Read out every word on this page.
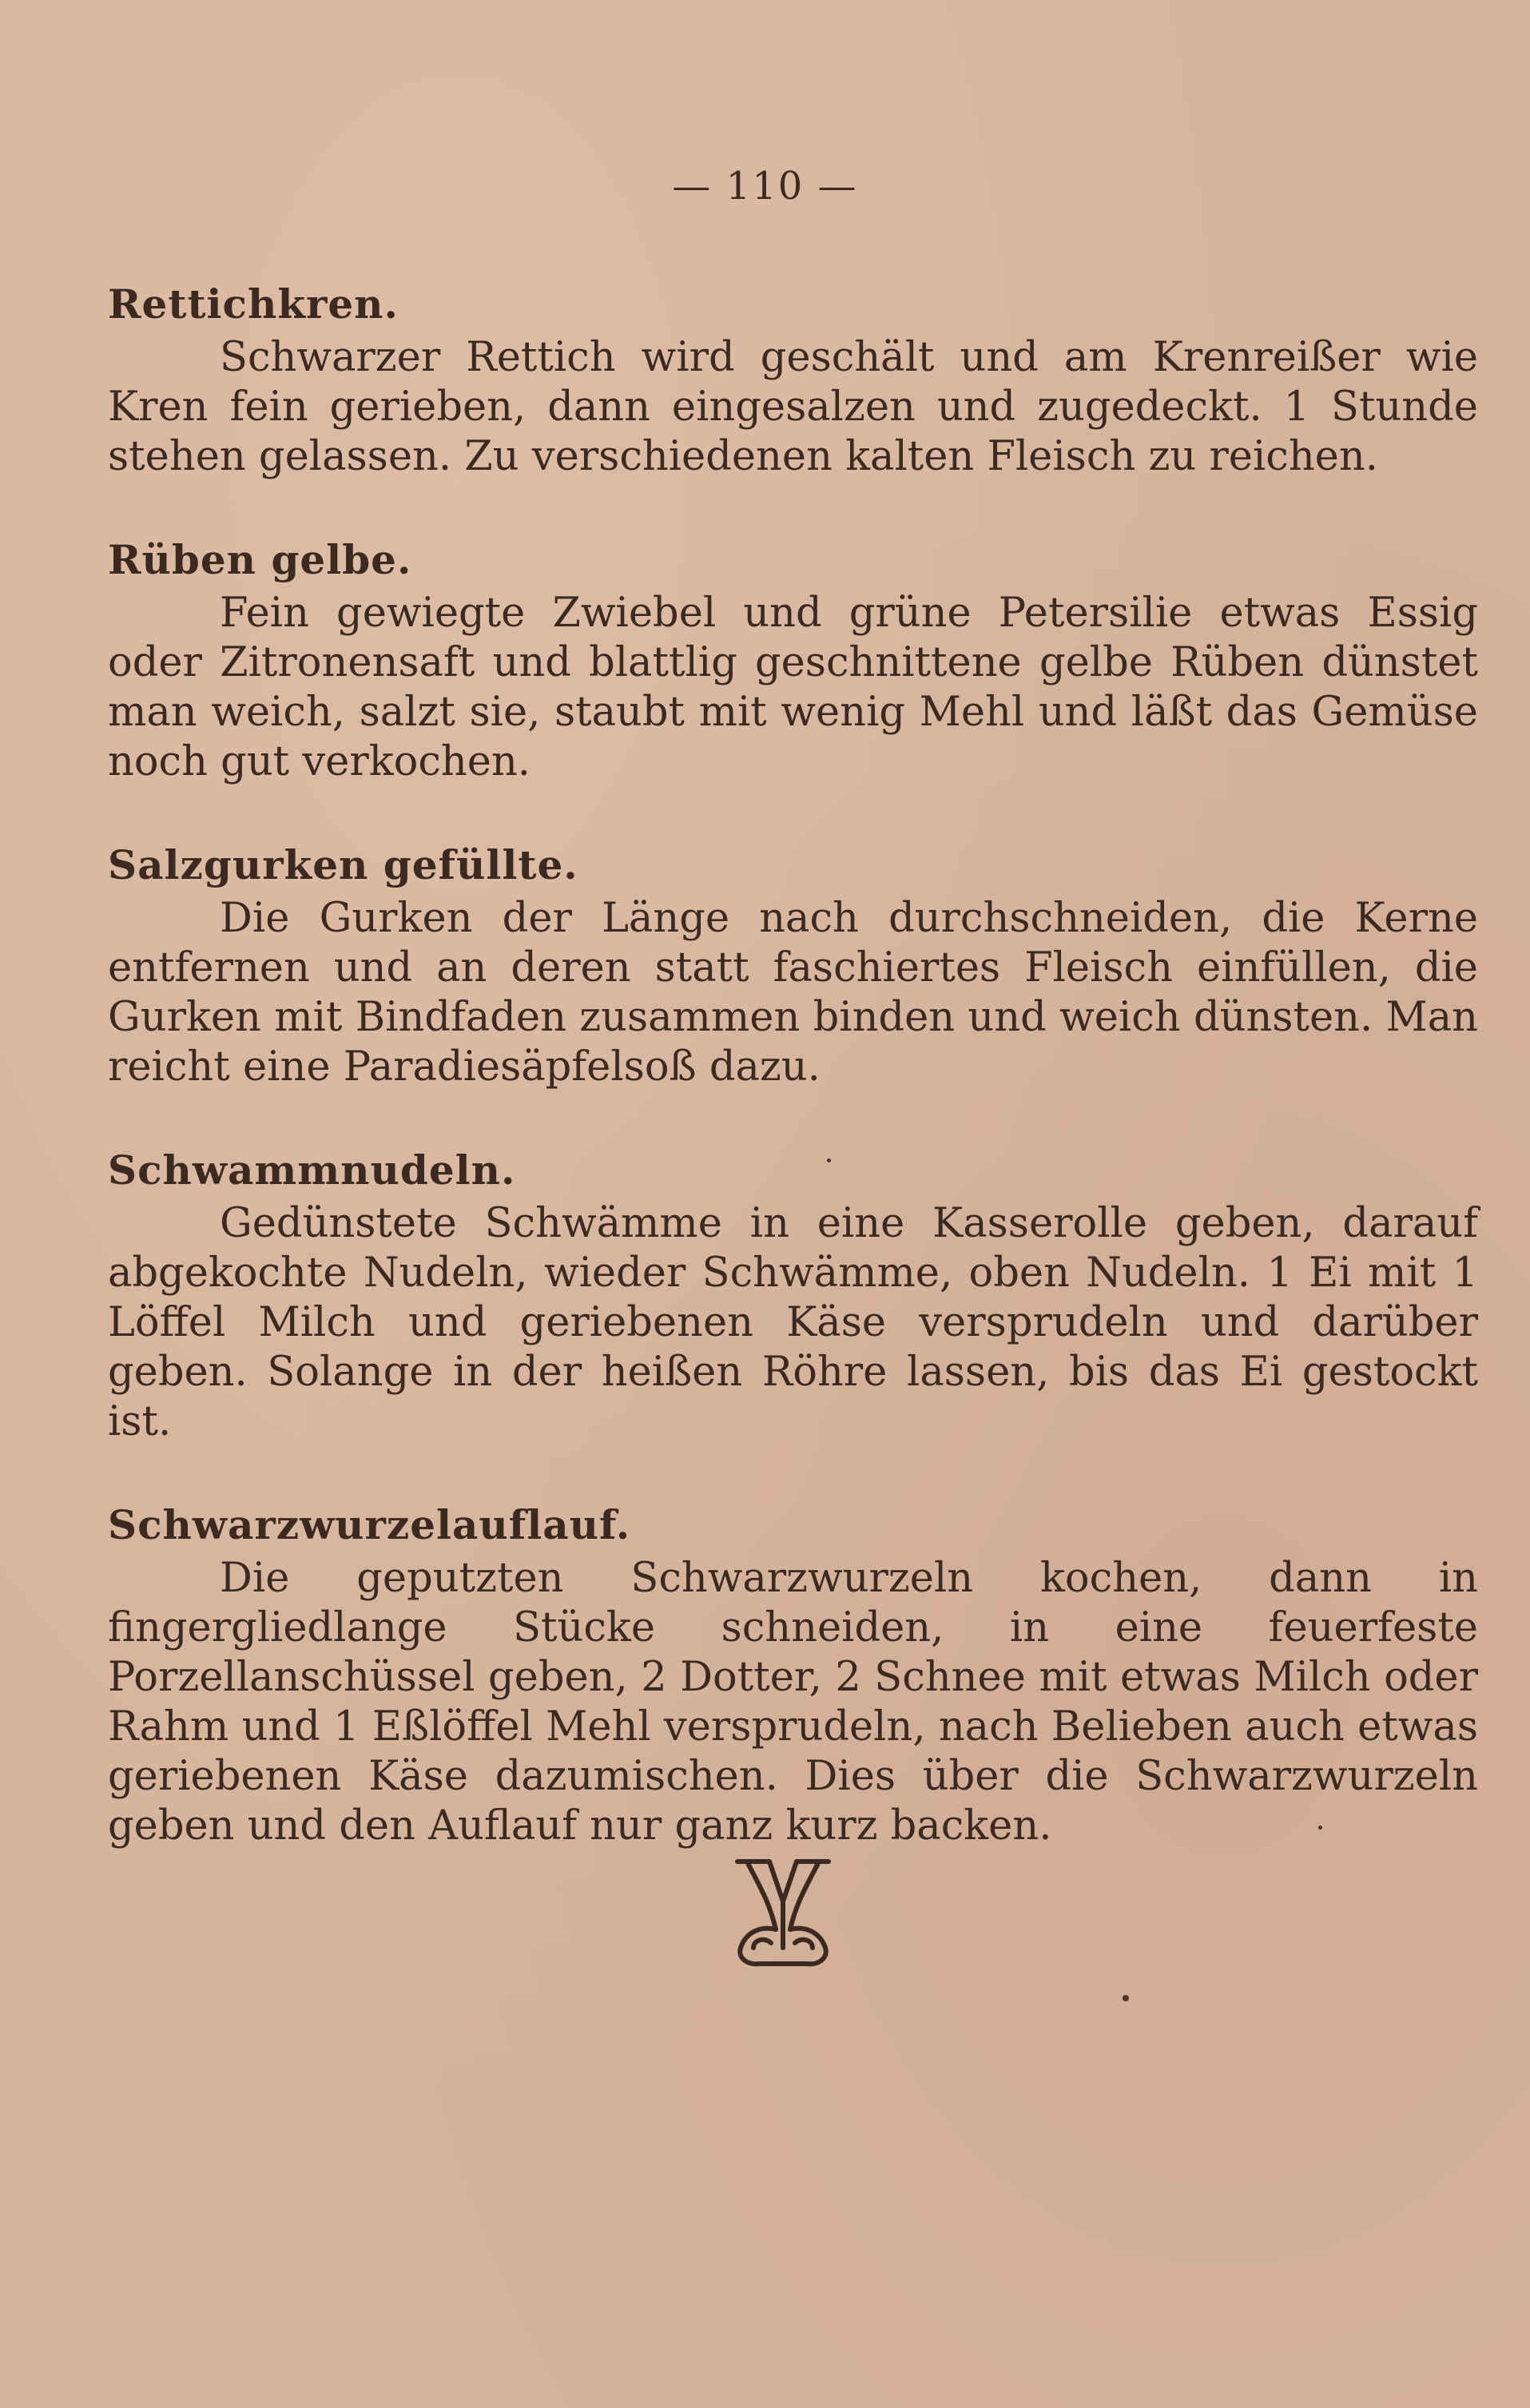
— 110 —

Rettichkren.

Schwarzer Rettich wird geschält und am Krenreißer wie Kren fein gerieben, dann eingesalzen und zugedeckt. 1 Stunde stehen gelassen. Zu verschiedenen kalten Fleisch zu reichen.

Rüben gelbe.

Fein gewiegte Zwiebel und grüne Petersilie etwas Essig oder Zitronensaft und blattlig geschnittene gelbe Rüben dünstet man weich, salzt sie, staubt mit wenig Mehl und läßt das Gemüse noch gut verkochen.

Salzgurken gefüllte.

Die Gurken der Länge nach durchschneiden, die Kerne entfernen und an deren statt faschiertes Fleisch einfüllen, die Gurken mit Bindfaden zusammen binden und weich dünsten. Man reicht eine Paradiesäpfelsoß dazu.

Schwammnudeln.

Gedünstete Schwämme in eine Kasserolle geben, darauf abgekochte Nudeln, wieder Schwämme, oben Nudeln. 1 Ei mit 1 Löffel Milch und geriebenen Käse versprudeln und darüber geben. Solange in der heißen Röhre lassen, bis das Ei gestockt ist.

Schwarzwurzelauflauf.

Die geputzten Schwarzwurzeln kochen, dann in fingergliedlange Stücke schneiden, in eine feuerfeste Porzellanschüssel geben, 2 Dotter, 2 Schnee mit etwas Milch oder Rahm und 1 Eßlöffel Mehl versprudeln, nach Belieben auch etwas geriebenen Käse dazumischen. Dies über die Schwarzwurzeln geben und den Auflauf nur ganz kurz backen.
